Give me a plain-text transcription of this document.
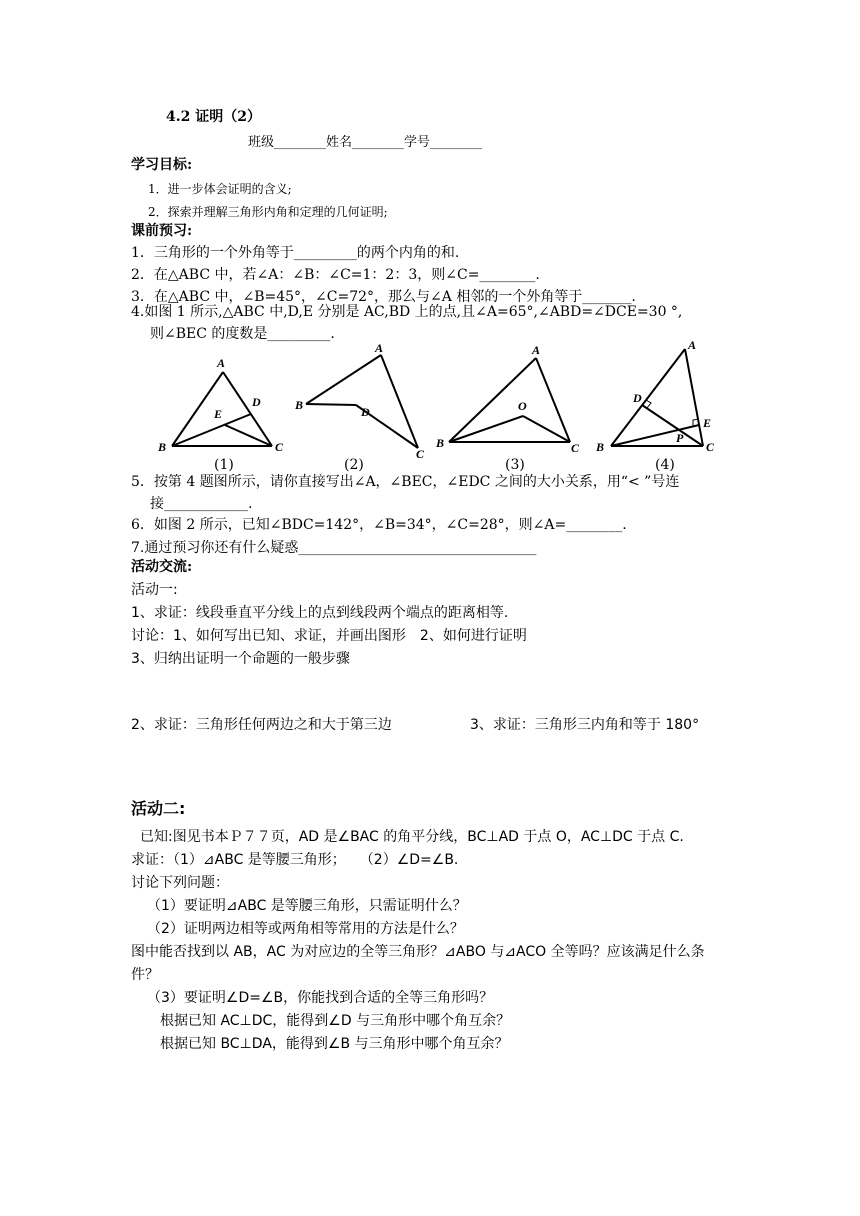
4.2 证明（2）
班级________姓名________学号________
学习目标:
1．进一步体会证明的含义;
2．探索并理解三角形内角和定理的几何证明;
课前预习:
1．三角形的一个外角等于_________的两个内角的和.
2．在△ABC 中，若∠A：∠B：∠C=1：2：3，则∠C=________.
3．在△ABC 中，∠B=45°，∠C=72°，那么与∠A 相邻的一个外角等于_______.
4.如图 1 所示,△ABC 中,D,E 分别是 AC,BD 上的点,且∠A=65°,∠ABD=∠DCE=30 °,
则∠BEC 的度数是_________.
A
D
E
B	C
A
B	D
C
A
O
B	C
A
D
E
P
B	C
(1)	(2)	(3)	(4)
5．按第 4 题图所示，请你直接写出∠A，∠BEC，∠EDC 之间的大小关系，用“< ”号连
接____________.
6．如图 2 所示，已知∠BDC=142°，∠B=34°，∠C=28°，则∠A=________.
7.通过预习你还有什么疑惑__________________________________
活动交流:
活动一:
1、求证：线段垂直平分线上的点到线段两个端点的距离相等.
讨论：1、如何写出已知、求证，并画出图形　2、如何进行证明
3、归纳出证明一个命题的一般步骤
2、求证：三角形任何两边之和大于第三边	3、求证：三角形三内角和等于 180°
活动二:
已知:图见书本Ｐ７７页，AD 是∠BAC 的角平分线，BC⊥AD 于点 O，AC⊥DC 于点 C.
求证：（1）⊿ABC 是等腰三角形；　　（2）∠D=∠B.
讨论下列问题：
（1）要证明⊿ABC 是等腰三角形，只需证明什么？
（2）证明两边相等或两角相等常用的方法是什么？
图中能否找到以 AB，AC 为对应边的全等三角形？⊿ABO 与⊿ACO 全等吗？应该满足什么条
件？
（3）要证明∠D=∠B，你能找到合适的全等三角形吗？
根据已知 AC⊥DC，能得到∠D 与三角形中哪个角互余？
根据已知 BC⊥DA，能得到∠B 与三角形中哪个角互余？
